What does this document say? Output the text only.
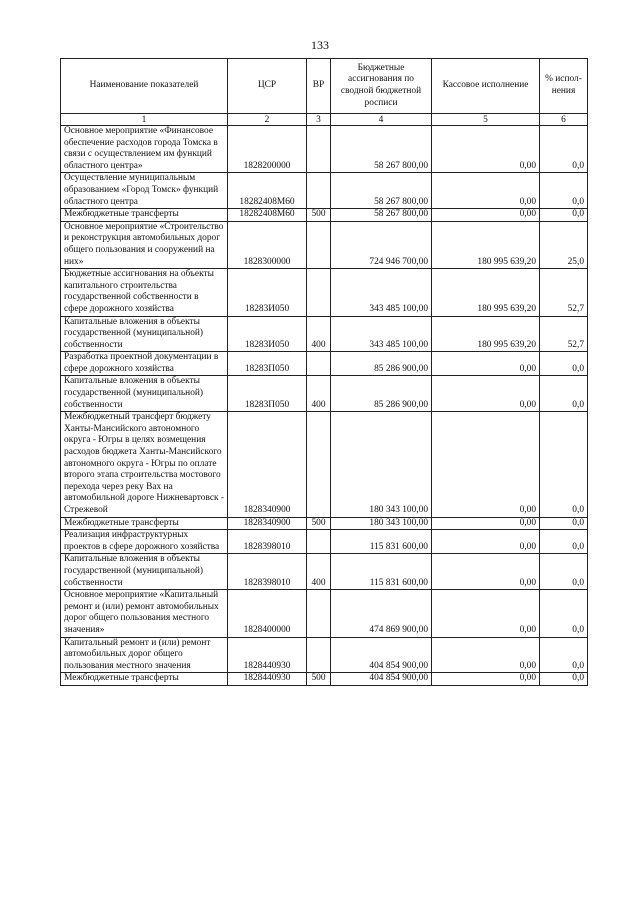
133
Наименование показателей	ЦСР	ВР	Бюджетные ассигнования по сводной бюджетной росписи	Кассовое исполнение	% испол-нения
1	2	3	4	5	6
Основное мероприятие «Финансовое обеспечение расходов города Томска в связи с осуществлением им функций областного центра»	1828200000		58 267 800,00	0,00	0,0
Осуществление муниципальным образованием «Город Томск» функций областного центра	18282408М60		58 267 800,00	0,00	0,0
Межбюджетные трансферты	18282408М60	500	58 267 800,00	0,00	0,0
Основное мероприятие «Строительство и реконструкция автомобильных дорог общего пользования и сооружений на них»	1828300000		724 946 700,00	180 995 639,20	25,0
Бюджетные ассигнования на объекты капитального строительства государственной собственности в сфере дорожного хозяйства	18283И050		343 485 100,00	180 995 639,20	52,7
Капитальные вложения в объекты государственной (муниципальной) собственности	18283И050	400	343 485 100,00	180 995 639,20	52,7
Разработка проектной документации в сфере дорожного хозяйства	18283П050		85 286 900,00	0,00	0,0
Капитальные вложения в объекты государственной (муниципальной) собственности	18283П050	400	85 286 900,00	0,00	0,0
Межбюджетный трансферт бюджету Ханты-Мансийского автономного округа - Югры в целях возмещения расходов бюджета Ханты-Мансийского автономного округа - Югры по оплате второго этапа строительства мостового перехода через реку Вах на автомобильной дороге Нижневартовск - Стрежевой	1828340900		180 343 100,00	0,00	0,0
Межбюджетные трансферты	1828340900	500	180 343 100,00	0,00	0,0
Реализация инфраструктурных проектов в сфере дорожного хозяйства	1828398010		115 831 600,00	0,00	0,0
Капитальные вложения в объекты государственной (муниципальной) собственности	1828398010	400	115 831 600,00	0,00	0,0
Основное мероприятие «Капитальный ремонт и (или) ремонт автомобильных дорог общего пользования местного значения»	1828400000		474 869 900,00	0,00	0,0
Капитальный ремонт и (или) ремонт автомобильных дорог общего пользования местного значения	1828440930		404 854 900,00	0,00	0,0
Межбюджетные трансферты	1828440930	500	404 854 900,00	0,00	0,0
